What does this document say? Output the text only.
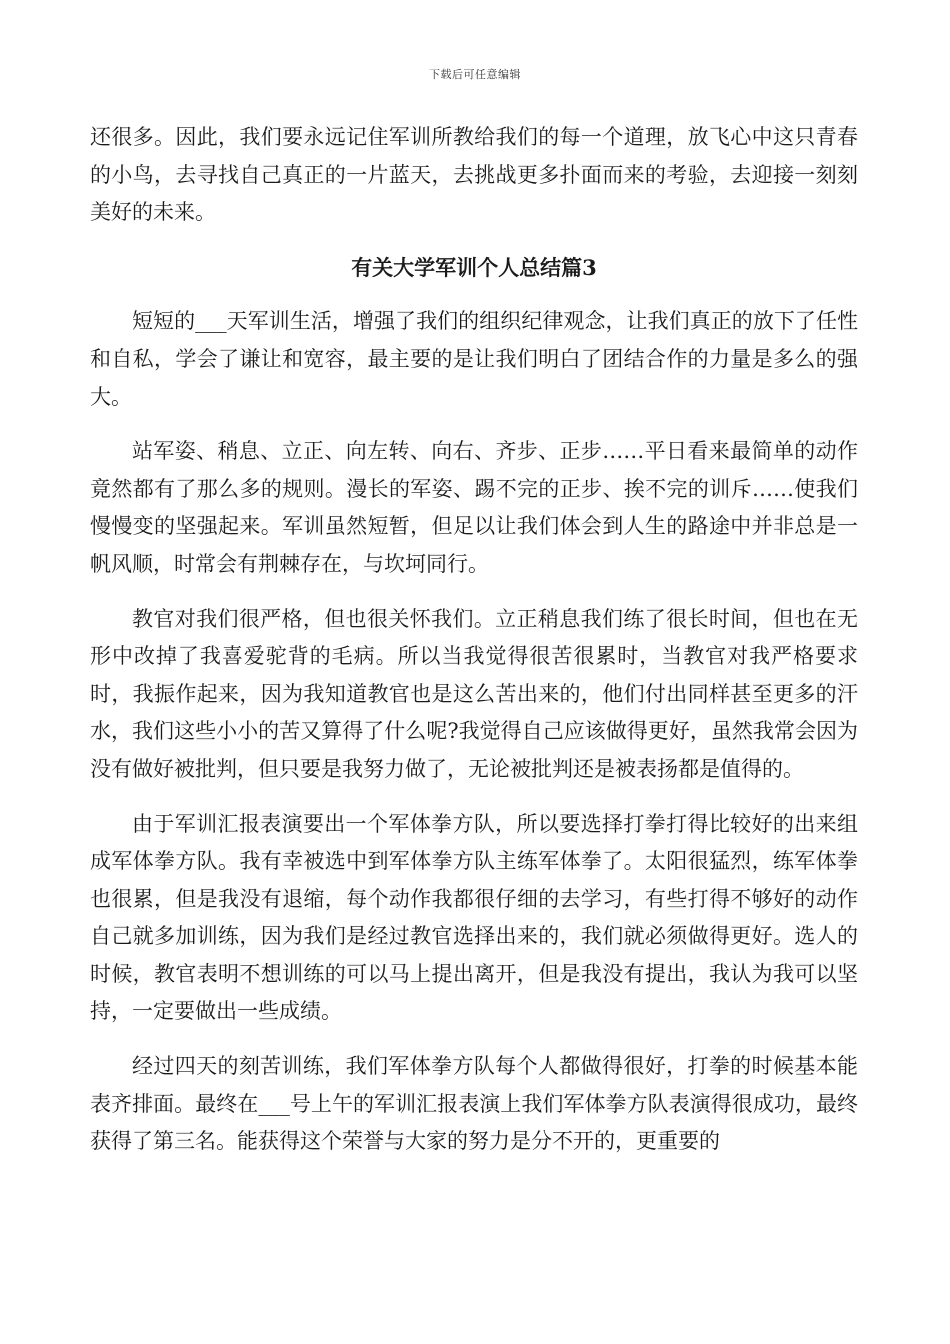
下载后可任意编辑

还很多。因此，我们要永远记住军训所教给我们的每一个道理，放飞心中这只青春的小鸟，去寻找自己真正的一片蓝天，去挑战更多扑面而来的考验，去迎接一刻刻美好的未来。

有关大学军训个人总结篇3

短短的___天军训生活，增强了我们的组织纪律观念，让我们真正的放下了任性和自私，学会了谦让和宽容，最主要的是让我们明白了团结合作的力量是多么的强大。

站军姿、稍息、立正、向左转、向右、齐步、正步……平日看来最简单的动作竟然都有了那么多的规则。漫长的军姿、踢不完的正步、挨不完的训斥……使我们慢慢变的坚强起来。军训虽然短暂，但足以让我们体会到人生的路途中并非总是一帆风顺，时常会有荆棘存在，与坎坷同行。

教官对我们很严格，但也很关怀我们。立正稍息我们练了很长时间，但也在无形中改掉了我喜爱驼背的毛病。所以当我觉得很苦很累时，当教官对我严格要求时，我振作起来，因为我知道教官也是这么苦出来的，他们付出同样甚至更多的汗水，我们这些小小的苦又算得了什么呢?我觉得自己应该做得更好，虽然我常会因为没有做好被批判，但只要是我努力做了，无论被批判还是被表扬都是值得的。

由于军训汇报表演要出一个军体拳方队，所以要选择打拳打得比较好的出来组成军体拳方队。我有幸被选中到军体拳方队主练军体拳了。太阳很猛烈，练军体拳也很累，但是我没有退缩，每个动作我都很仔细的去学习，有些打得不够好的动作自己就多加训练，因为我们是经过教官选择出来的，我们就必须做得更好。选人的时候，教官表明不想训练的可以马上提出离开，但是我没有提出，我认为我可以坚持，一定要做出一些成绩。

经过四天的刻苦训练，我们军体拳方队每个人都做得很好，打拳的时候基本能表齐排面。最终在___号上午的军训汇报表演上我们军体拳方队表演得很成功，最终获得了第三名。能获得这个荣誉与大家的努力是分不开的，更重要的
